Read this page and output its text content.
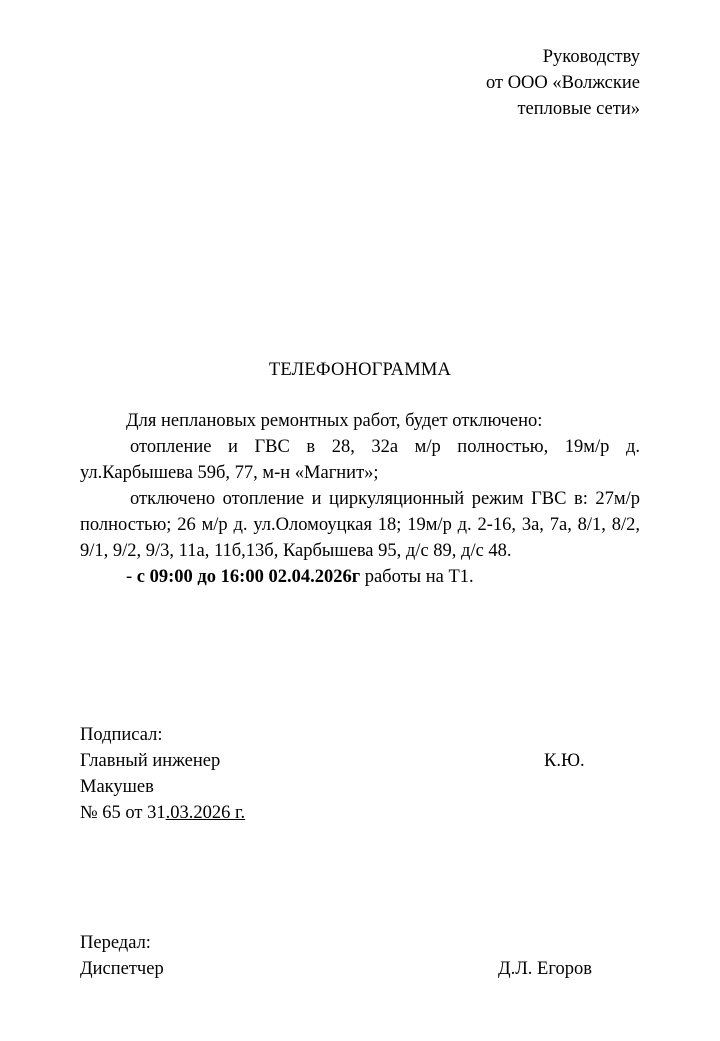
Руководству
от ООО «Волжские
тепловые сети»
ТЕЛЕФОНОГРАММА

Для неплановых ремонтных работ, будет отключено:

отопление и ГВС в 28, 32а м/р полностью, 19м/р д. ул.Карбышева 59б, 77, м-н «Магнит»;

отключено отопление и циркуляционный режим ГВС в: 27м/р полностью; 26 м/р д. ул.Оломоуцкая 18; 19м/р д. 2-16, 3а, 7а, 8/1, 8/2, 9/1, 9/2, 9/3, 11а, 11б,13б, Карбышева 95, д/с 89, д/с 48.

- с 09:00 до 16:00 02.04.2026г работы на Т1.

Подписал:
Главный инженер	К.Ю.
Макушев
№ 65 от 31.03.2026 г.
Передал:
Диспетчер	Д.Л. Егоров
